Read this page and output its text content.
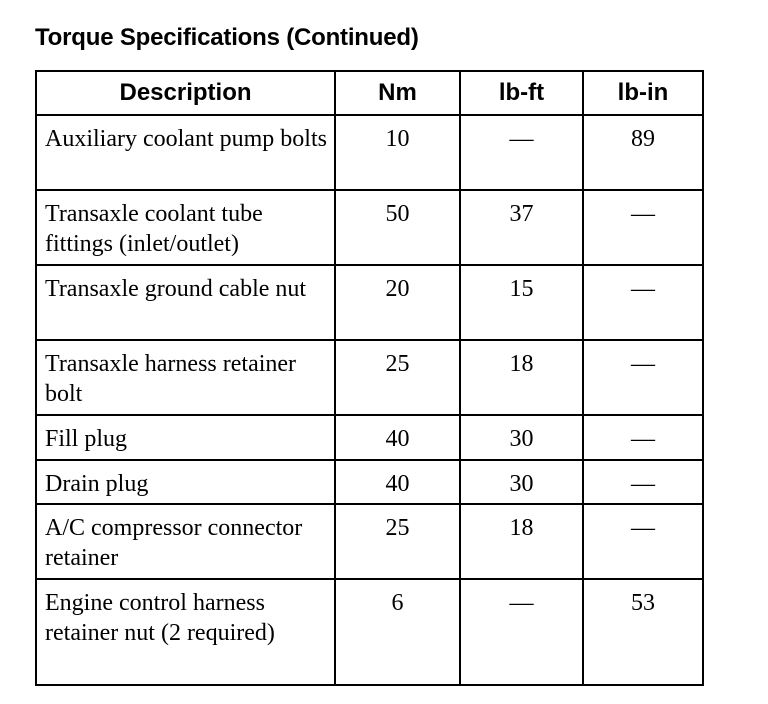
Torque Specifications (Continued)
Description	Nm	lb-ft	lb-in
Auxiliary coolant pump bolts	10	—	89
Transaxle coolant tube fittings (inlet/outlet)	50	37	—
Transaxle ground cable nut	20	15	—
Transaxle harness retainer bolt	25	18	—
Fill plug	40	30	—
Drain plug	40	30	—
A/C compressor connector retainer	25	18	—
Engine control harness retainer nut (2 required)	6	—	53
